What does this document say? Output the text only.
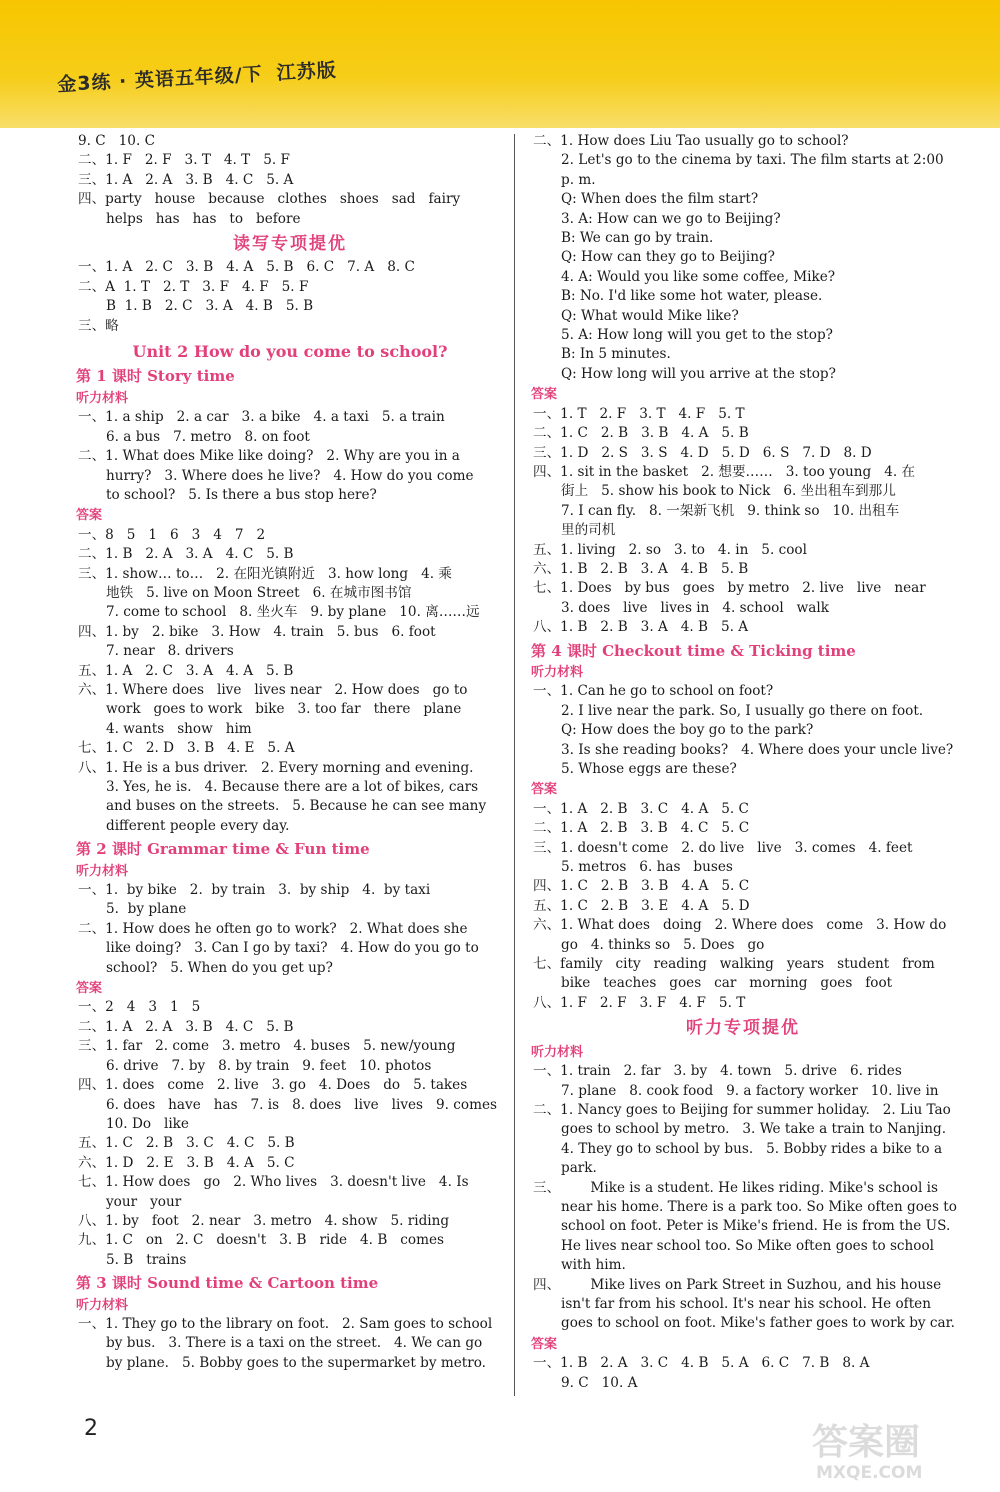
金3练 · 英语五年级/下 江苏版
9. C   10. C
二、1. F   2. F   3. T   4. T   5. F
三、1. A   2. A   3. B   4. C   5. A
四、party   house   because   clothes   shoes   sad   fairy
helps   has   has   to   before
读写专项提优
一、1. A   2. C   3. B   4. A   5. B   6. C   7. A   8. C
二、A  1. T   2. T   3. F   4. F   5. F
B  1. B   2. C   3. A   4. B   5. B
三、略
Unit 2 How do you come to school?
第 1 课时 Story time
听力材料
一、1. a ship   2. a car   3. a bike   4. a taxi   5. a train
6. a bus   7. metro   8. on foot
二、1. What does Mike like doing?   2. Why are you in a
hurry?   3. Where does he live?   4. How do you come
to school?   5. Is there a bus stop here?
答案
一、8   5   1   6   3   4   7   2
二、1. B   2. A   3. A   4. C   5. B
三、1. show… to…   2. 在阳光镇附近   3. how long   4. 乘
地铁   5. live on Moon Street   6. 在城市图书馆
7. come to school   8. 坐火车   9. by plane   10. 离……远
四、1. by   2. bike   3. How   4. train   5. bus   6. foot
7. near   8. drivers
五、1. A   2. C   3. A   4. A   5. B
六、1. Where does   live   lives near   2. How does   go to
work   goes to work   bike   3. too far   there   plane
4. wants   show   him
七、1. C   2. D   3. B   4. E   5. A
八、1. He is a bus driver.   2. Every morning and evening.
3. Yes, he is.   4. Because there are a lot of bikes, cars
and buses on the streets.   5. Because he can see many
different people every day.
第 2 课时 Grammar time & Fun time
听力材料
一、1.  by bike   2.  by train   3.  by ship   4.  by taxi
5.  by plane
二、1. How does he often go to work?   2. What does she
like doing?   3. Can I go by taxi?   4. How do you go to
school?   5. When do you get up?
答案
一、2   4   3   1   5
二、1. A   2. A   3. B   4. C   5. B
三、1. far   2. come   3. metro   4. buses   5. new/young
6. drive   7. by   8. by train   9. feet   10. photos
四、1. does   come   2. live   3. go   4. Does   do   5. takes
6. does   have   has   7. is   8. does   live   lives   9. comes
10. Do   like
五、1. C   2. B   3. C   4. C   5. B
六、1. D   2. E   3. B   4. A   5. C
七、1. How does   go   2. Who lives   3. doesn't live   4. Is
your   your
八、1. by   foot   2. near   3. metro   4. show   5. riding
九、1. C   on   2. C   doesn't   3. B   ride   4. B   comes
5. B   trains
第 3 课时 Sound time & Cartoon time
听力材料
一、1. They go to the library on foot.   2. Sam goes to school
by bus.   3. There is a taxi on the street.   4. We can go
by plane.   5. Bobby goes to the supermarket by metro.
二、1. How does Liu Tao usually go to school?
2. Let's go to the cinema by taxi. The film starts at 2:00
p. m.
Q: When does the film start?
3. A: How can we go to Beijing?
B: We can go by train.
Q: How can they go to Beijing?
4. A: Would you like some coffee, Mike?
B: No. I'd like some hot water, please.
Q: What would Mike like?
5. A: How long will you get to the stop?
B: In 5 minutes.
Q: How long will you arrive at the stop?
答案
一、1. T   2. F   3. T   4. F   5. T
二、1. C   2. B   3. B   4. A   5. B
三、1. D   2. S   3. S   4. D   5. D   6. S   7. D   8. D
四、1. sit in the basket   2. 想要……   3. too young   4. 在
街上   5. show his book to Nick   6. 坐出租车到那儿
7. I can fly.   8. 一架新飞机   9. think so   10. 出租车
里的司机
五、1. living   2. so   3. to   4. in   5. cool
六、1. B   2. B   3. A   4. B   5. B
七、1. Does   by bus   goes   by metro   2. live   live   near
3. does   live   lives in   4. school   walk
八、1. B   2. B   3. A   4. B   5. A
第 4 课时 Checkout time & Ticking time
听力材料
一、1. Can he go to school on foot?
2. I live near the park. So, I usually go there on foot.
Q: How does the boy go to the park?
3. Is she reading books?   4. Where does your uncle live?
5. Whose eggs are these?
答案
一、1. A   2. B   3. C   4. A   5. C
二、1. A   2. B   3. B   4. C   5. C
三、1. doesn't come   2. do live   live   3. comes   4. feet
5. metros   6. has   buses
四、1. C   2. B   3. B   4. A   5. C
五、1. C   2. B   3. E   4. A   5. D
六、1. What does   doing   2. Where does   come   3. How do
go   4. thinks so   5. Does   go
七、family   city   reading   walking   years   student   from
bike   teaches   goes   car   morning   goes   foot
八、1. F   2. F   3. F   4. F   5. T
听力专项提优
听力材料
一、1. train   2. far   3. by   4. town   5. drive   6. rides
7. plane   8. cook food   9. a factory worker   10. live in
二、1. Nancy goes to Beijing for summer holiday.   2. Liu Tao
goes to school by metro.   3. We take a train to Nanjing.
4. They go to school by bus.   5. Bobby rides a bike to a
park.
三、       Mike is a student. He likes riding. Mike's school is
near his home. There is a park too. So Mike often goes to
school on foot. Peter is Mike's friend. He is from the US.
He lives near school too. So Mike often goes to school
with him.
四、       Mike lives on Park Street in Suzhou, and his house
isn't far from his school. It's near his school. He often
goes to school on foot. Mike's father goes to work by car.
答案
一、1. B   2. A   3. C   4. B   5. A   6. C   7. B   8. A
9. C   10. A
2	答案圈
MXQE.COM
